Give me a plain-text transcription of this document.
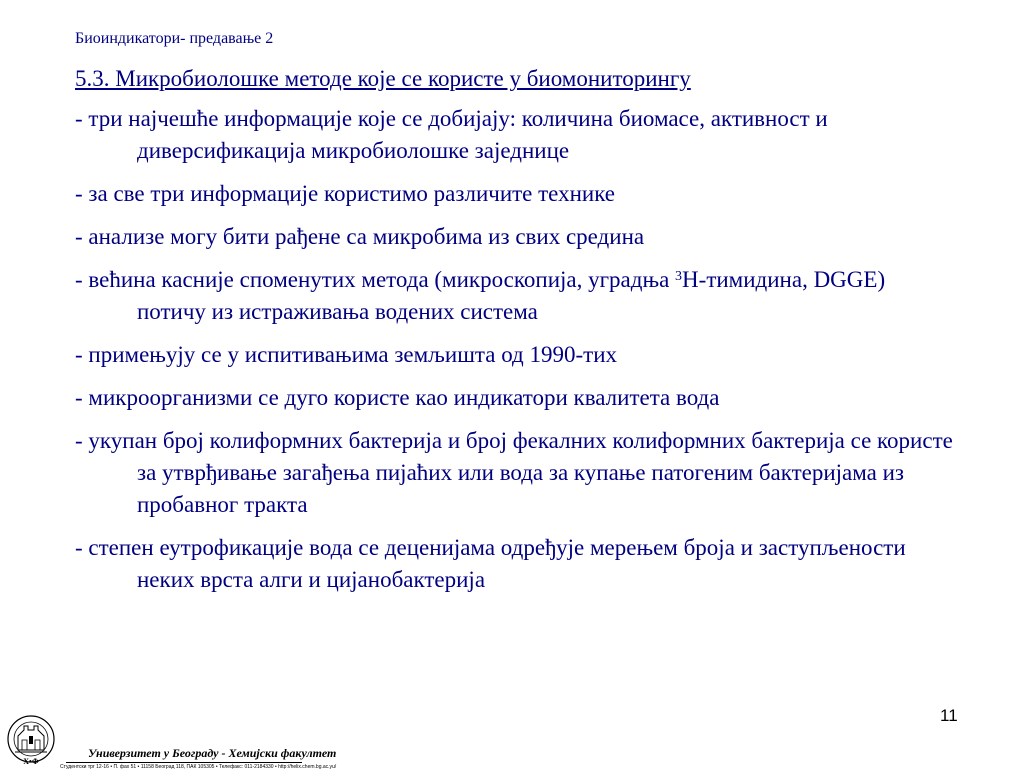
Биоиндикатори- предавање 2
5.3. Микробиолошке методе које се користе у биомониторингу
- три најчешће информације које се добијају: количина биомасе, активност и диверсификација микробиолошке заједнице
- за све три информације користимо различите технике
- анализе могу бити рађене са микробима из свих средина
- већина касније споменутих метода (микроскопија, уградња $^3$H-тимидина, DGGE) потичу из истраживања водених система
- примењују се у испитивањима земљишта од 1990-тих
- микроорганизми се дуго користе као индикатори квалитета вода
- укупан број колиформних бактерија и број фекалних колиформних бактерија се користе за утврђивање загађења пијаћих или вода за купање патогеним бактеријама из пробавног тракта
- степен еутрофикације вода се деценијама одређује мерењем броја и заступљености неких врста алги и цијанобактерија
11
Х•Ф
Универзитет у Београду - Хемијски факултет
Студентски трг 12-16 • П. фах 51 • 11158 Београд 118, ПАК 105305 • Телефакс: 011-2184330 • http://helix.chem.bg.ac.yu/
